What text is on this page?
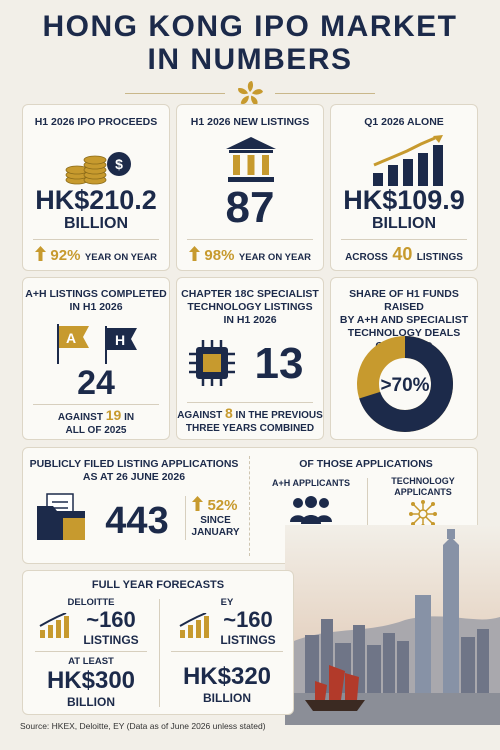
HONG KONG IPO MARKET
IN NUMBERS
H1 2026 IPO PROCEEDS
$
HK$210.2
BILLION
92% YEAR ON YEAR
H1 2026 NEW LISTINGS
87
98% YEAR ON YEAR
Q1 2026 ALONE
HK$109.9
BILLION
ACROSS 40 LISTINGS
A+H LISTINGS COMPLETED
IN H1 2026
A	H
24
AGAINST 19 IN
ALL OF 2025
CHAPTER 18C SPECIALIST
TECHNOLOGY LISTINGS
IN H1 2026
13
AGAINST 8 IN THE PREVIOUS
THREE YEARS COMBINED
SHARE OF H1 FUNDS RAISED
BY A+H AND SPECIALIST
TECHNOLOGY DEALS COMBINED
>70%
PUBLICLY FILED LISTING APPLICATIONS
AS AT 26 JUNE 2026
443	52%
SINCE
JANUARY
OF THOSE APPLICATIONS
A+H APPLICANTS	TECHNOLOGY
APPLICANTS
FULL YEAR FORECASTS
DELOITTE
~160
LISTINGS
AT LEAST
HK$300
BILLION
EY
~160
LISTINGS
HK$320
BILLION
Source: HKEX, Deloitte, EY (Data as of June 2026 unless stated)
